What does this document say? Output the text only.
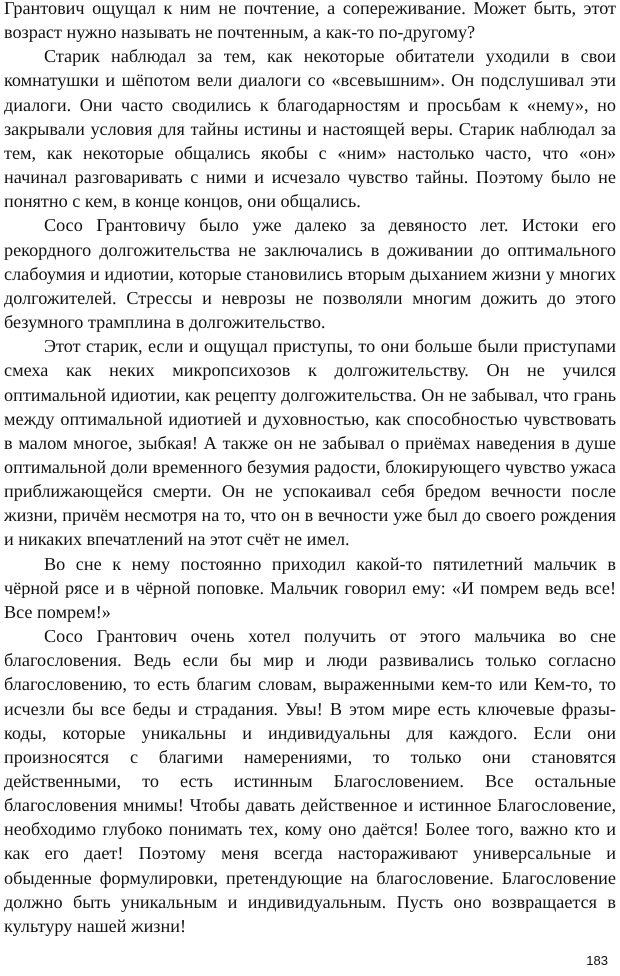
Грантович ощущал к ним не почтение, а сопереживание. Может быть, этот возраст нужно называть не почтенным, а как-то по-другому?

Старик наблюдал за тем, как некоторые обитатели уходили в свои комнатушки и шёпотом вели диалоги со «всевышним». Он подслушивал эти диалоги. Они часто сводились к благодарностям и просьбам к «нему», но закрывали условия для тайны истины и настоящей веры. Старик наблюдал за тем, как некоторые общались якобы с «ним» настолько часто, что «он» начинал разговаривать с ними и исчезало чувство тайны. Поэтому было не понятно с кем, в конце концов, они общались.

Сосо Грантовичу было уже далеко за девяносто лет. Истоки его рекордного долгожительства не заключались в доживании до оптимального слабоумия и идиотии, которые становились вторым дыханием жизни у многих долгожителей. Стрессы и неврозы не позволяли многим дожить до этого безумного трамплина в долгожительство.

Этот старик, если и ощущал приступы, то они больше были приступами смеха как неких микропсихозов к долгожительству. Он не учился оптимальной идиотии, как рецепту долгожительства. Он не забывал, что грань между оптимальной идиотией и духовностью, как способностью чувствовать в малом многое, зыбкая! А также он не забывал о приёмах наведения в душе оптимальной доли временного безумия радости, блокирующего чувство ужаса приближающейся смерти. Он не успокаивал себя бредом вечности после жизни, причём несмотря на то, что он в вечности уже был до своего рождения и никаких впечатлений на этот счёт не имел.

Во сне к нему постоянно приходил какой-то пятилетний мальчик в чёрной рясе и в чёрной поповке. Мальчик говорил ему: «И помрем ведь все! Все помрем!»

Сосо Грантович очень хотел получить от этого мальчика во сне благословения. Ведь если бы мир и люди развивались только согласно благословению, то есть благим словам, выраженными кем-то или Кем-то, то исчезли бы все беды и страдания. Увы! В этом мире есть ключевые фразы-коды, которые уникальны и индивидуальны для каждого. Если они произносятся с благими намерениями, то только они становятся действенными, то есть истинным Благословением. Все остальные благословения мнимы! Чтобы давать действенное и истинное Благословение, необходимо глубоко понимать тех, кому оно даётся! Более того, важно кто и как его дает! Поэтому меня всегда настораживают универсальные и обыденные формулировки, претендующие на благословение. Благословение должно быть уникальным и индивидуальным. Пусть оно возвращается в культуру нашей жизни!

183
